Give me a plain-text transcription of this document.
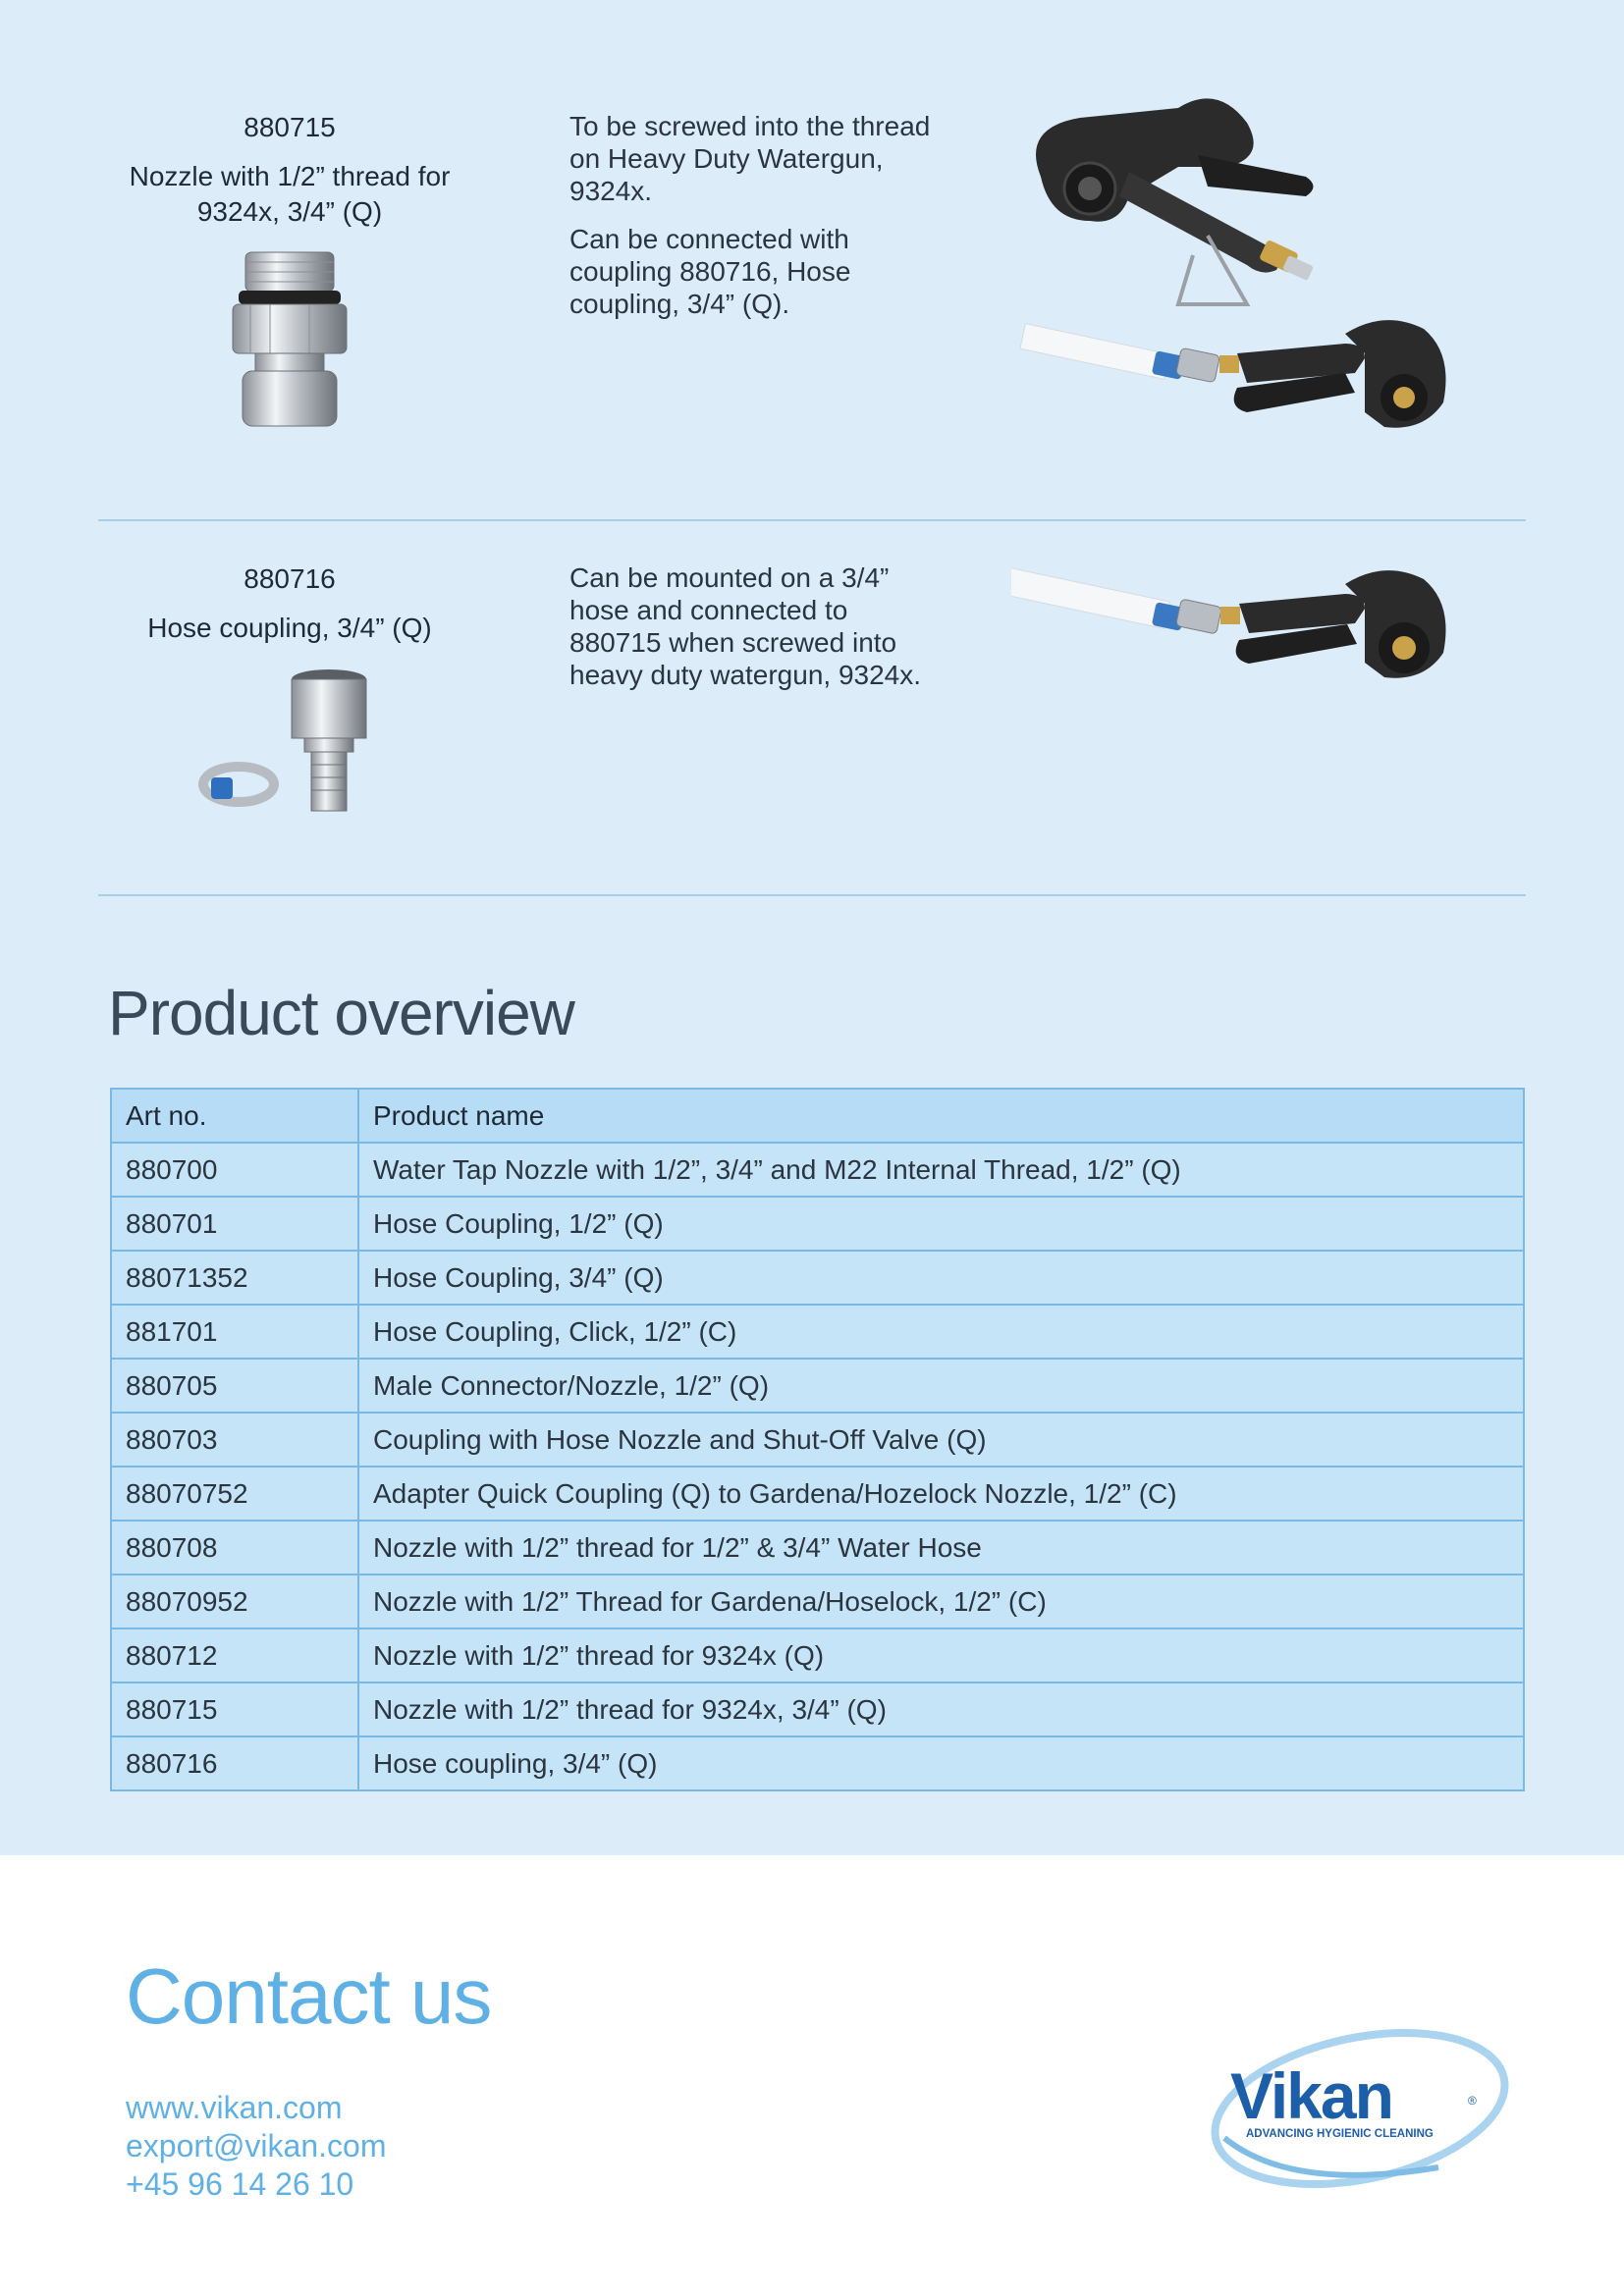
880715
Nozzle with 1/2” thread for 9324x, 3/4” (Q)
To be screwed into the thread
on Heavy Duty Watergun,
9324x.
Can be connected with
coupling 880716, Hose
coupling, 3/4” (Q).
880716
Hose coupling, 3/4” (Q)
Can be mounted on a 3/4”
hose and connected to
880715 when screwed into
heavy duty watergun, 9324x.
Product overview
Art no.	Product name
880700	Water Tap Nozzle with 1/2”, 3/4” and M22 Internal Thread, 1/2” (Q)
880701	Hose Coupling, 1/2” (Q)
88071352	Hose Coupling, 3/4” (Q)
881701	Hose Coupling, Click, 1/2” (C)
880705	Male Connector/Nozzle, 1/2” (Q)
880703	Coupling with Hose Nozzle and Shut-Off Valve (Q)
88070752	Adapter Quick Coupling (Q) to Gardena/Hozelock Nozzle, 1/2” (C)
880708	Nozzle with 1/2” thread for 1/2” & 3/4” Water Hose
88070952	Nozzle with 1/2” Thread for Gardena/Hoselock, 1/2” (C)
880712	Nozzle with 1/2” thread for 9324x (Q)
880715	Nozzle with 1/2” thread for 9324x, 3/4” (Q)
880716	Hose coupling, 3/4” (Q)
Contact us
www.vikan.com
export@vikan.com
+45 96 14 26 10
Vikan	®
ADVANCING HYGIENIC CLEANING
